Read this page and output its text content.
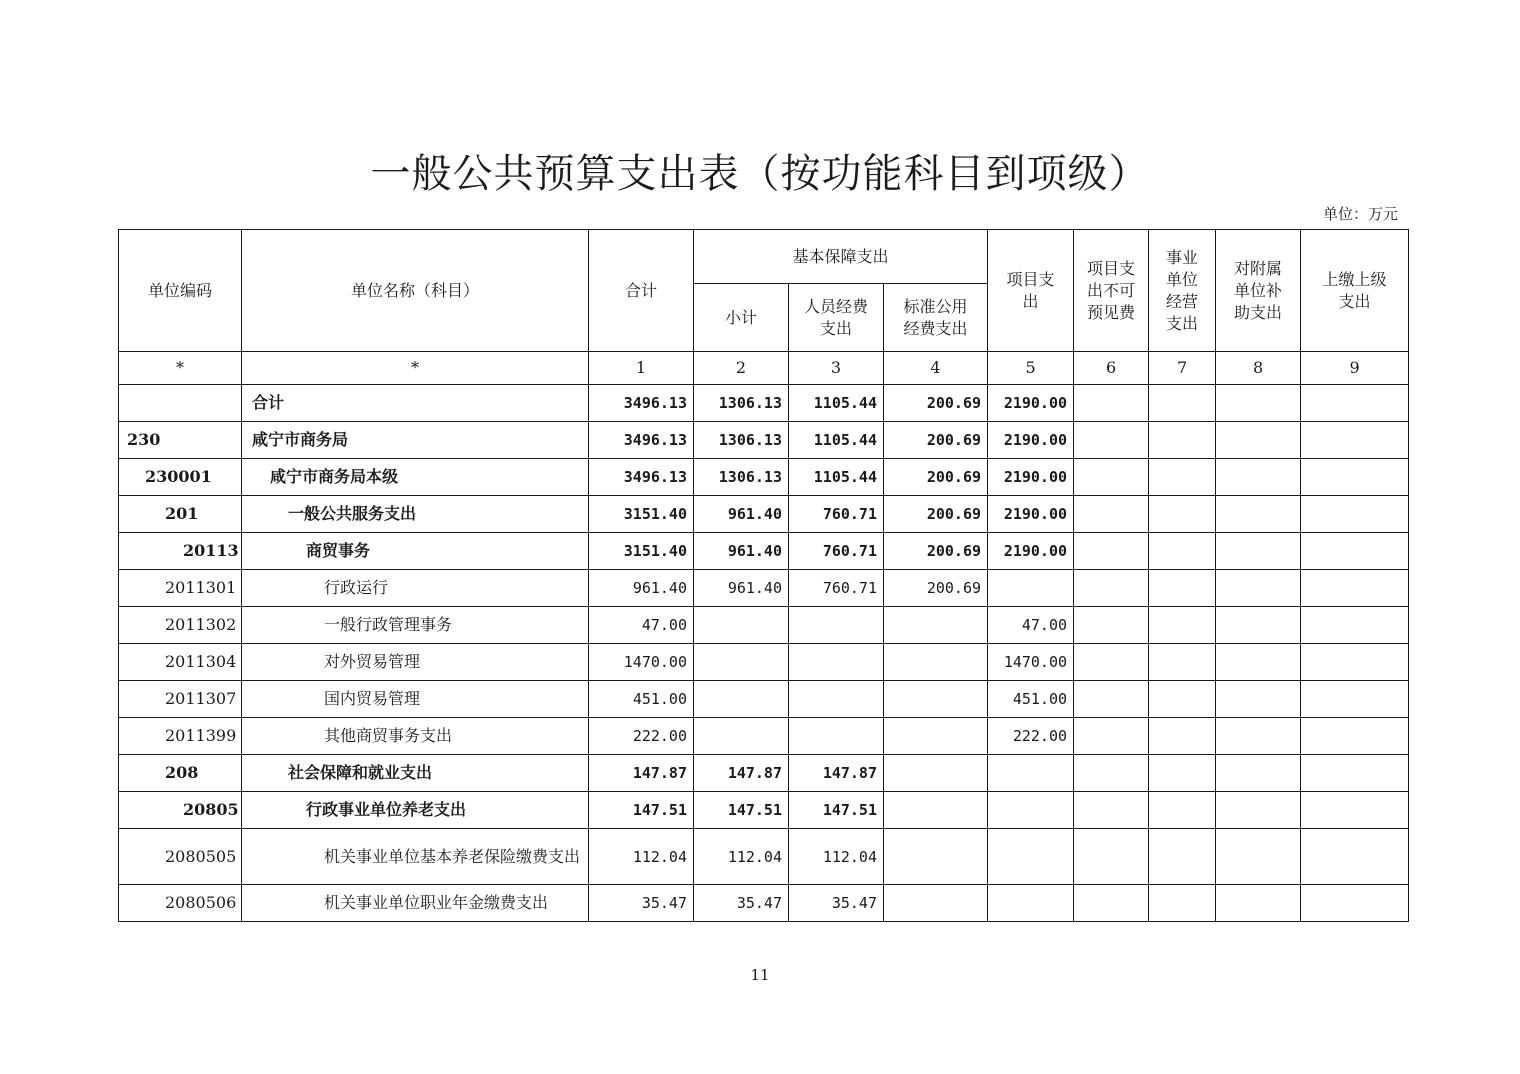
一般公共预算支出表（按功能科目到项级）
单位：万元
单位编码	单位名称（科目）	合计	基本保障支出			项目支出	项目支出不可预见费	事业单位经营支出	对附属单位补助支出	上缴上级支出

			小计	人员经费支出	标准公用经费支出					

*	*	1	2	3	4	5	6	7	8	9
	合计	3496.13	1306.13	1105.44	200.69	2190.00				
230	咸宁市商务局	3496.13	1306.13	1105.44	200.69	2190.00				
230001	咸宁市商务局本级	3496.13	1306.13	1105.44	200.69	2190.00				
201	一般公共服务支出	3151.40	961.40	760.71	200.69	2190.00				
20113	商贸事务	3151.40	961.40	760.71	200.69	2190.00				
2011301	行政运行	961.40	961.40	760.71	200.69					
2011302	一般行政管理事务	47.00				47.00				
2011304	对外贸易管理	1470.00				1470.00				
2011307	国内贸易管理	451.00				451.00				
2011399	其他商贸事务支出	222.00				222.00				
208	社会保障和就业支出	147.87	147.87	147.87						
20805	行政事业单位养老支出	147.51	147.51	147.51						
2080505	机关事业单位基本养老保险缴费支出	112.04	112.04	112.04						
2080506	机关事业单位职业年金缴费支出	35.47	35.47	35.47						
11
